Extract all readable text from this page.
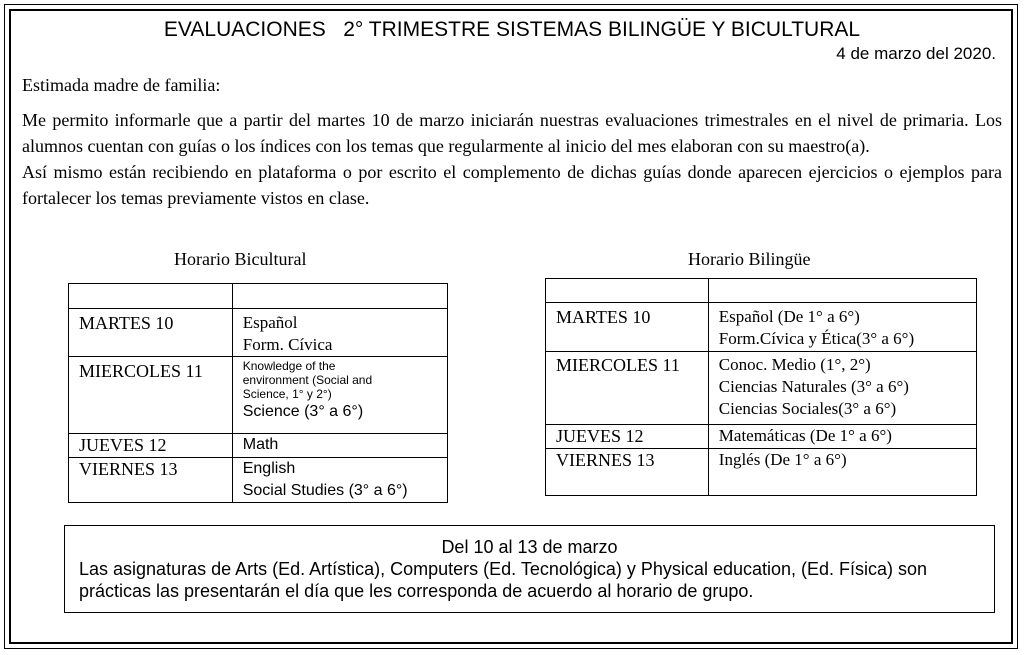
EVALUACIONES   2° TRIMESTRE SISTEMAS BILINGÜE Y BICULTURAL
4 de marzo del 2020.
Estimada madre de familia:

Me permito informarle que a partir del martes 10 de marzo iniciarán nuestras evaluaciones trimestrales en el nivel de primaria. Los alumnos cuentan con guías o los índices con los temas que regularmente al inicio del mes elaboran con su maestro(a).

Así mismo están recibiendo en plataforma o por escrito el complemento de dichas guías donde aparecen ejercicios o ejemplos para fortalecer los temas previamente vistos en clase.

Horario Bicultural

MARTES 10	Español
Form. Cívica

MIERCOLES 11	Knowledge of the
environment (Social and
Science, 1° y 2°)
Science (3° a 6°)

JUEVES 12	Math

VIERNES 13	English
Social Studies (3° a 6°)
Horario Bilingüe

MARTES 10	Español (De 1° a 6°)
Form.Cívica y Ética(3° a 6°)

MIERCOLES 11	Conoc. Medio (1°, 2°)
Ciencias Naturales (3° a 6°)
Ciencias Sociales(3° a 6°)

JUEVES 12	Matemáticas (De 1° a 6°)

VIERNES 13	Inglés (De 1° a 6°)
Del 10 al 13 de marzo
Las asignaturas de Arts (Ed. Artística), Computers (Ed. Tecnológica) y Physical education, (Ed. Física) son prácticas las presentarán el día que les corresponda de acuerdo al horario de grupo.
